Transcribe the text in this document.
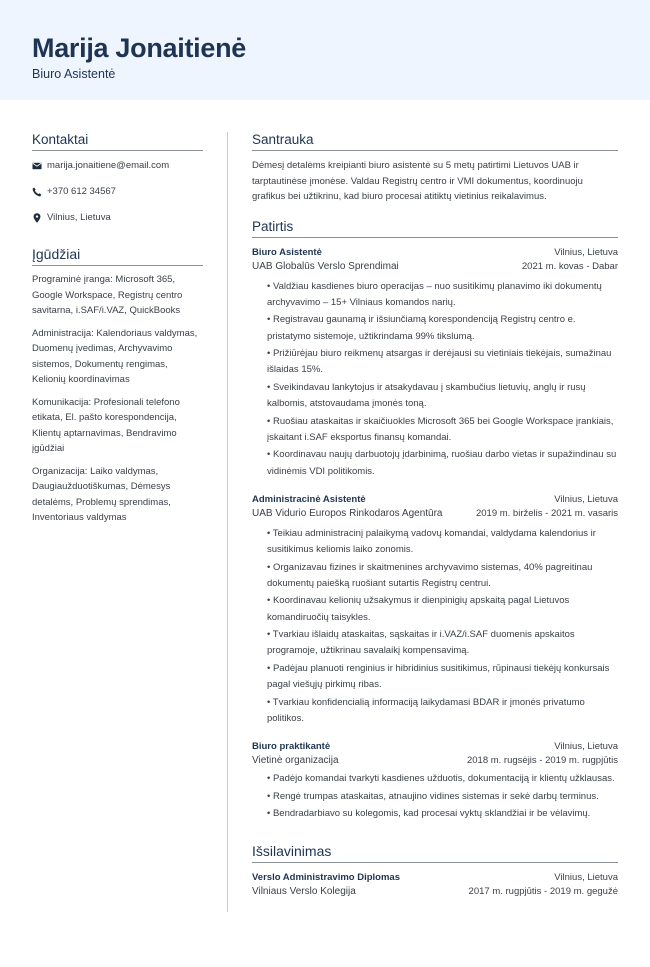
Marija Jonaitienė
Biuro Asistentė
Kontaktai
marija.jonaitiene@email.com
+370 612 34567
Vilnius, Lietuva
Įgūdžiai

Programinė įranga: Microsoft 365, Google Workspace, Registrų centro savitarna, i.SAF/i.VAZ, QuickBooks

Administracija: Kalendoriaus valdymas, Duomenų įvedimas, Archyvavimo sistemos, Dokumentų rengimas, Kelionių koordinavimas

Komunikacija: Profesionali telefono etikata, El. pašto korespondencija, Klientų aptarnavimas, Bendravimo įgūdžiai

Organizacija: Laiko valdymas, Daugiaužduotiškumas, Dėmesys detalėms, Problemų sprendimas, Inventoriaus valdymas

Santrauka

Dėmesį detalėms kreipianti biuro asistentė su 5 metų patirtimi Lietuvos UAB ir tarptautinėse įmonėse. Valdau Registrų centro ir VMI dokumentus, koordinuoju grafikus bei užtikrinu, kad biuro procesai atitiktų vietinius reikalavimus.

Patirtis
Biuro Asistentė	Vilnius, Lietuva
UAB Globalūs Verslo Sprendimai	2021 m. kovas - Dabar
• Valdžiau kasdienes biuro operacijas – nuo susitikimų planavimo iki dokumentų archyvavimo – 15+ Vilniaus komandos narių.
• Registravau gaunamą ir išsiunčiamą korespondenciją Registrų centro e. pristatymo sistemoje, užtikrindama 99% tikslumą.
• Prižiūrėjau biuro reikmenų atsargas ir derėjausi su vietiniais tiekėjais, sumažinau išlaidas 15%.
• Sveikindavau lankytojus ir atsakydavau į skambučius lietuvių, anglų ir rusų kalbomis, atstovaudama įmonės toną.
• Ruošiau ataskaitas ir skaičiuokles Microsoft 365 bei Google Workspace įrankiais, įskaitant i.SAF eksportus finansų komandai.
• Koordinavau naujų darbuotojų įdarbinimą, ruošiau darbo vietas ir supažindinau su vidinėmis VDI politikomis.
Administracinė Asistentė	Vilnius, Lietuva
UAB Vidurio Europos Rinkodaros Agentūra	2019 m. birželis - 2021 m. vasaris
• Teikiau administracinį palaikymą vadovų komandai, valdydama kalendorius ir susitikimus keliomis laiko zonomis.
• Organizavau fizines ir skaitmenines archyvavimo sistemas, 40% pagreitinau dokumentų paiešką ruošiant sutartis Registrų centrui.
• Koordinavau kelionių užsakymus ir dienpinigių apskaitą pagal Lietuvos komandiruočių taisykles.
• Tvarkiau išlaidų ataskaitas, sąskaitas ir i.VAZ/i.SAF duomenis apskaitos programoje, užtikrinau savalaikį kompensavimą.
• Padėjau planuoti renginius ir hibridinius susitikimus, rūpinausi tiekėjų konkursais pagal viešųjų pirkimų ribas.
• Tvarkiau konfidencialią informaciją laikydamasi BDAR ir įmonės privatumo politikos.
Biuro praktikantė	Vilnius, Lietuva
Vietinė organizacija	2018 m. rugsėjis - 2019 m. rugpjūtis
• Padėjo komandai tvarkyti kasdienes užduotis, dokumentaciją ir klientų užklausas.
• Rengė trumpas ataskaitas, atnaujino vidines sistemas ir sekė darbų terminus.
• Bendradarbiavo su kolegomis, kad procesai vyktų sklandžiai ir be vėlavimų.
Išsilavinimas
Verslo Administravimo Diplomas	Vilnius, Lietuva
Vilniaus Verslo Kolegija	2017 m. rugpjūtis - 2019 m. gegužė
